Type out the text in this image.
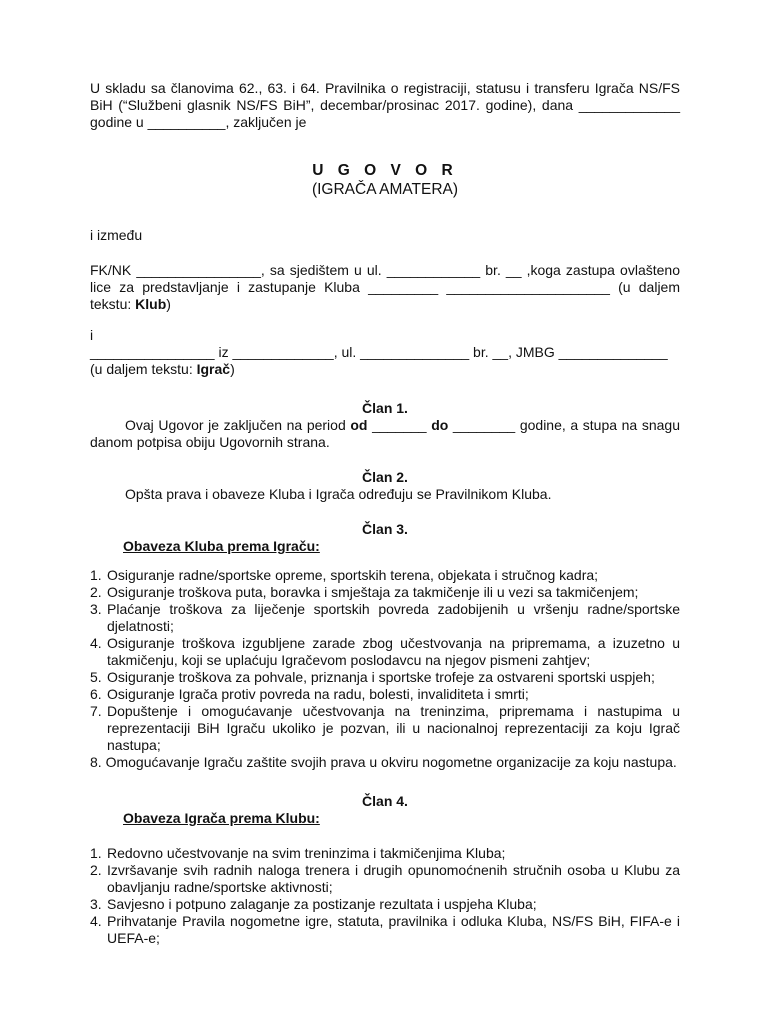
U skladu sa članovima 62., 63. i 64. Pravilnika o registraciji, statusu i transferu Igrača NS/FS BiH (“Službeni glasnik NS/FS BiH”, decembar/prosinac 2017. godine), dana _____________ godine u __________, zaključen je
U G O V O R
(IGRAČA AMATERA)
i između
FK/NK ________________, sa sjedištem u ul. ____________ br. __ ,koga zastupa ovlašteno lice za predstavljanje i zastupanje Kluba _________ _____________________ (u daljem tekstu: Klub)
i
________________ iz _____________, ul. ______________ br. __, JMBG ______________
(u daljem tekstu: Igrač)
Član 1.
Ovaj Ugovor je zaključen na period od _______ do ________ godine, a stupa na snagu danom potpisa obiju Ugovornih strana.
Član 2.
Opšta prava i obaveze Kluba i Igrača određuju se Pravilnikom Kluba.
Član 3.
Obaveza Kluba prema Igraču:
1. Osiguranje radne/sportske opreme, sportskih terena, objekata i stručnog kadra;
2. Osiguranje troškova puta, boravka i smještaja za takmičenje ili u vezi sa takmičenjem;
3. Plaćanje troškova za liječenje sportskih povreda zadobijenih u vršenju radne/sportske djelatnosti;
4. Osiguranje troškova izgubljene zarade zbog učestvovanja na pripremama, a izuzetno u takmičenju, koji se uplaćuju Igračevom poslodavcu na njegov pismeni zahtjev;
5. Osiguranje troškova za pohvale, priznanja i sportske trofeje za ostvareni sportski uspjeh;
6. Osiguranje Igrača protiv povreda na radu, bolesti, invaliditeta i smrti;
7. Dopuštenje i omogućavanje učestvovanja na treninzima, pripremama i nastupima u reprezentaciji BiH Igraču ukoliko je pozvan, ili u nacionalnoj reprezentaciji za koju Igrač nastupa;
8. Omogućavanje Igraču zaštite svojih prava u okviru nogometne organizacije za koju nastupa.
Član 4.
Obaveza Igrača prema Klubu:
1. Redovno učestvovanje na svim treninzima i takmičenjima Kluba;
2. Izvršavanje svih radnih naloga trenera i drugih opunomoćnenih stručnih osoba u Klubu za obavljanju radne/sportske aktivnosti;
3. Savjesno i potpuno zalaganje za postizanje rezultata i uspjeha Kluba;
4. Prihvatanje Pravila nogometne igre, statuta, pravilnika i odluka Kluba, NS/FS BiH, FIFA-e i UEFA-e;
